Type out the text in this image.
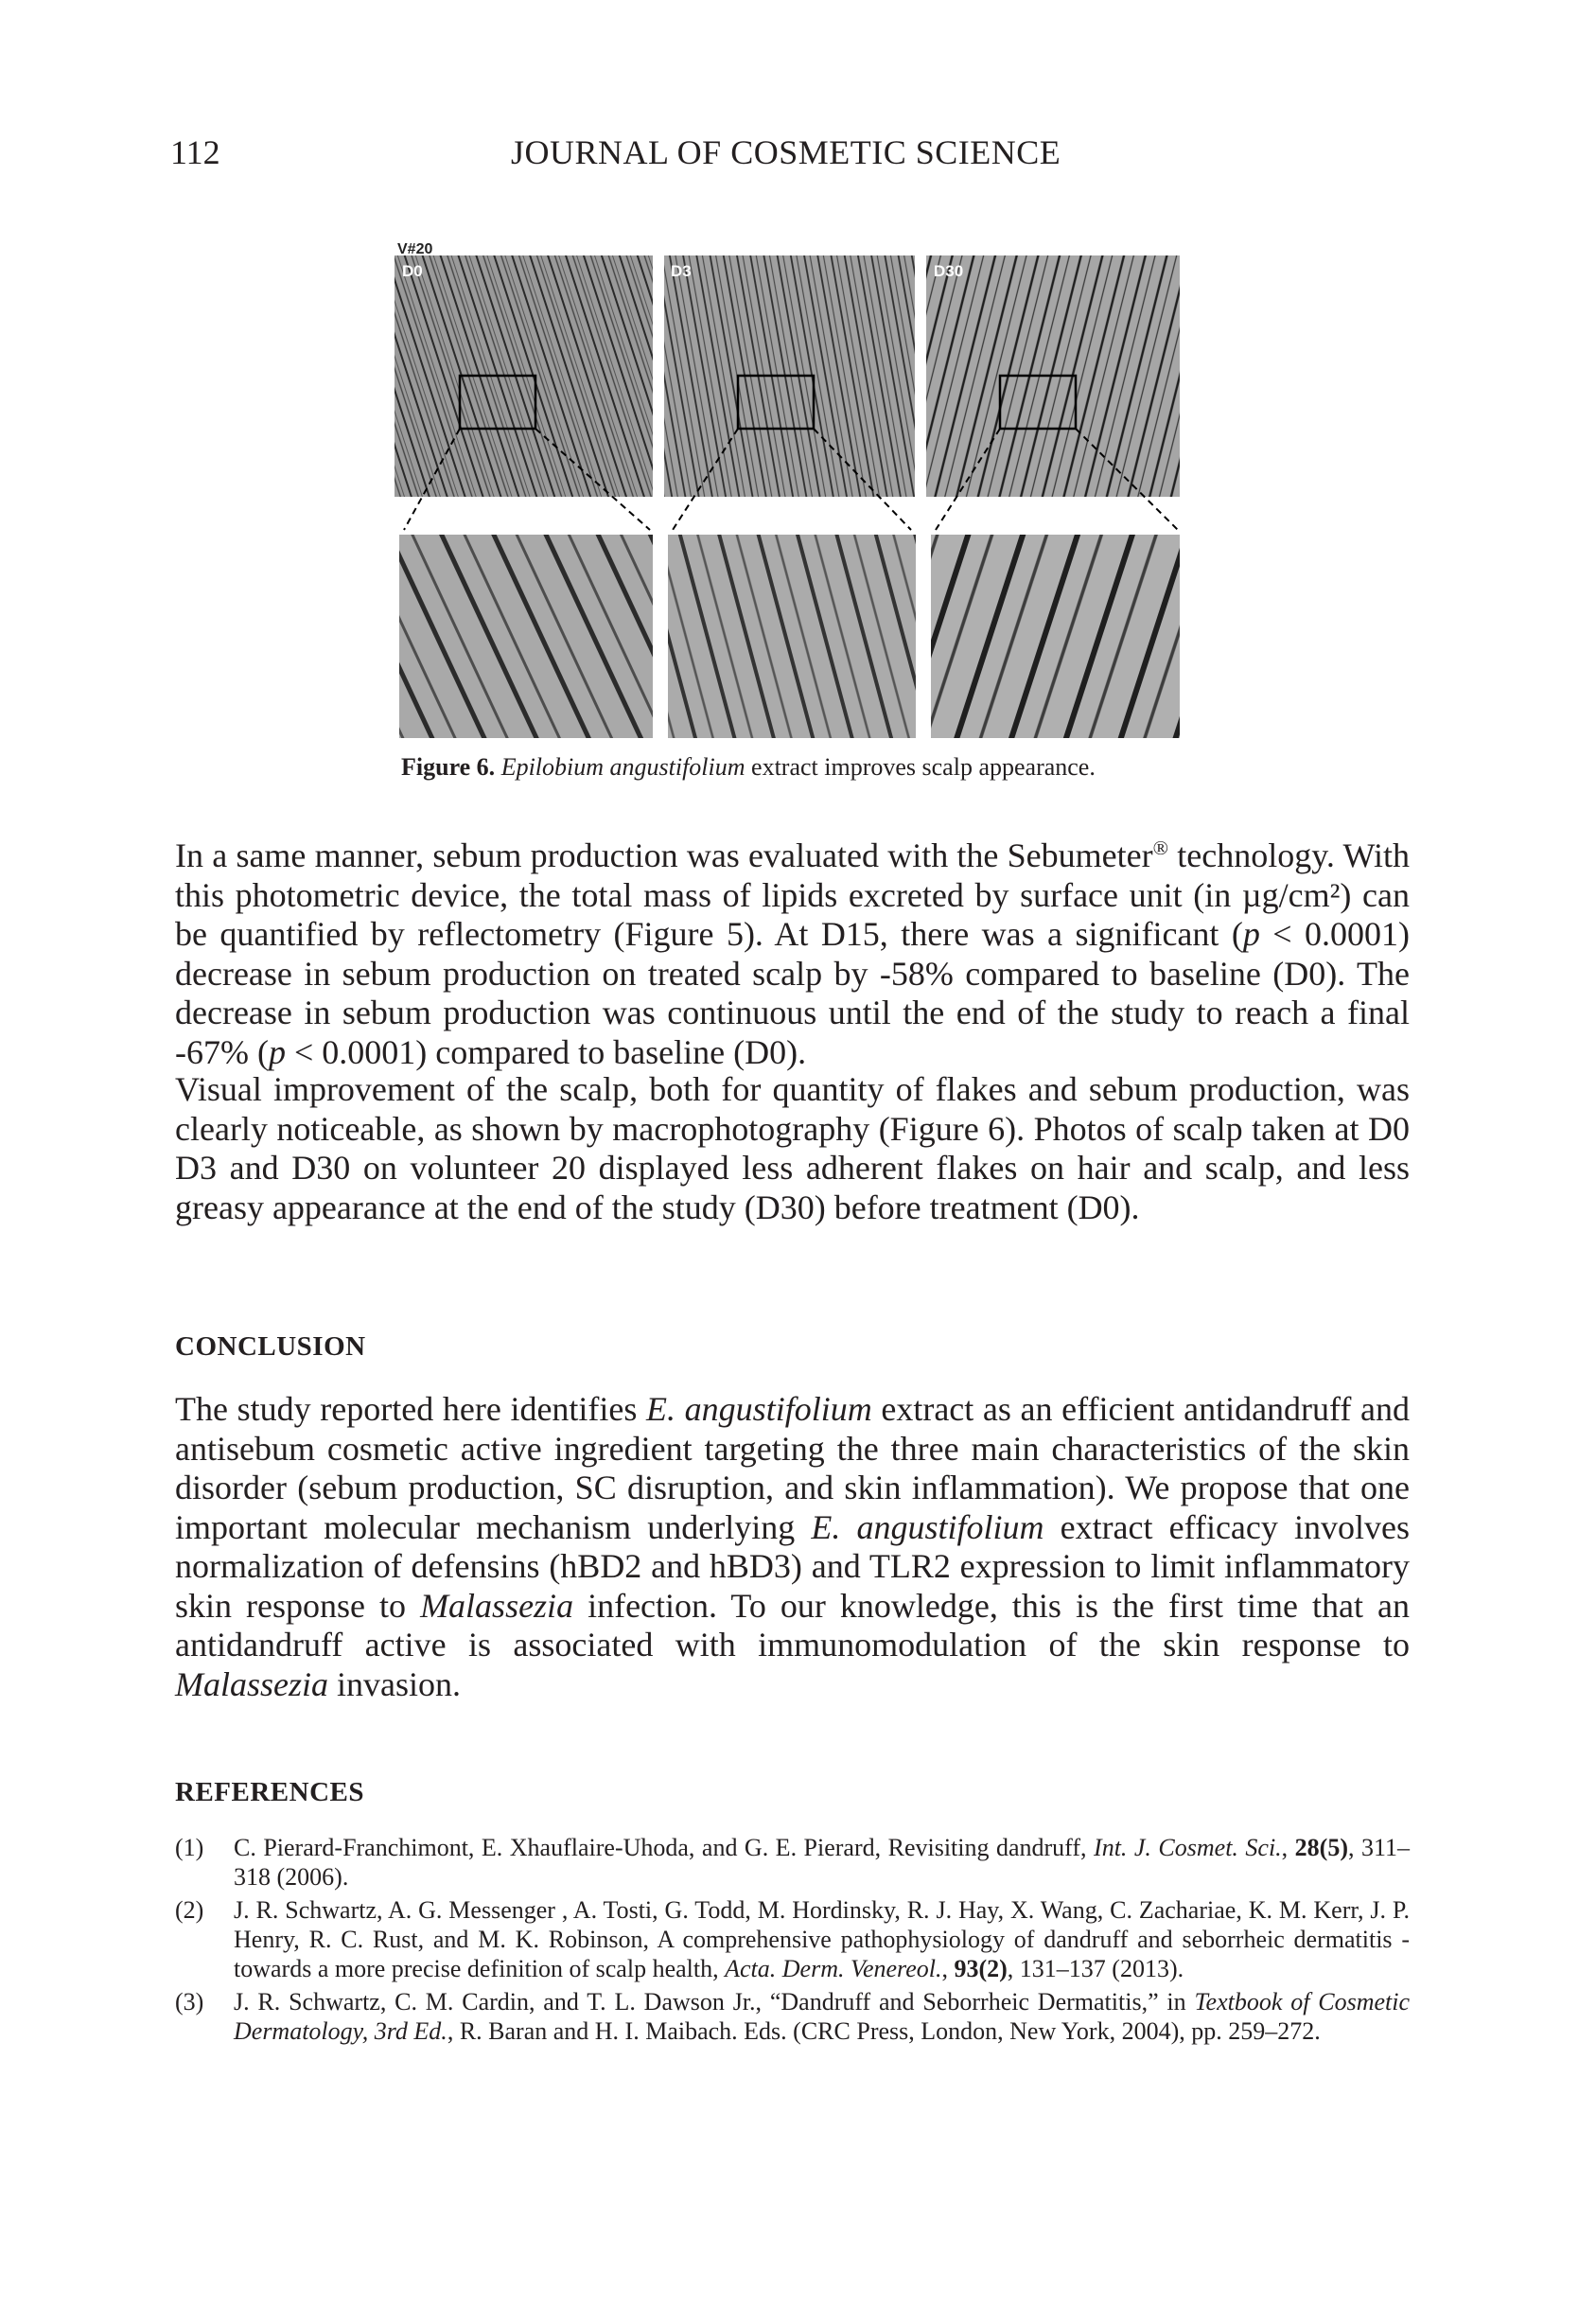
112	JOURNAL OF COSMETIC SCIENCE
V#20
D0	D3	D30
Figure 6. Epilobium angustifolium extract improves scalp appearance.

In a same manner, sebum production was evaluated with the Sebumeter® technology. With this photometric device, the total mass of lipids excreted by surface unit (in µg/cm²) can be quantified by reflectometry (Figure 5). At D15, there was a significant (p < 0.0001) decrease in sebum production on treated scalp by -58% compared to baseline (D0). The decrease in sebum production was continuous until the end of the study to reach a final -67% (p < 0.0001) compared to baseline (D0).

Visual improvement of the scalp, both for quantity of flakes and sebum production, was clearly noticeable, as shown by macrophotography (Figure 6). Photos of scalp taken at D0 D3 and D30 on volunteer 20 displayed less adherent flakes on hair and scalp, and less greasy appearance at the end of the study (D30) before treatment (D0).

CONCLUSION

The study reported here identifies E. angustifolium extract as an efficient antidandruff and antisebum cosmetic active ingredient targeting the three main characteristics of the skin disorder (sebum production, SC disruption, and skin inflammation). We propose that one important molecular mechanism underlying E. angustifolium extract efficacy involves normalization of defensins (hBD2 and hBD3) and TLR2 expression to limit inflammatory skin response to Malassezia infection. To our knowledge, this is the first time that an antidandruff active is associated with immunomodulation of the skin response to Malassezia invasion.

REFERENCES
(1)	C. Pierard-Franchimont, E. Xhauflaire-Uhoda, and G. E. Pierard, Revisiting dandruff, Int. J. Cosmet. Sci., 28(5), 311–318 (2006).
(2)	J. R. Schwartz, A. G. Messenger , A. Tosti, G. Todd, M. Hordinsky, R. J. Hay, X. Wang, C. Zachariae, K. M. Kerr, J. P. Henry, R. C. Rust, and M. K. Robinson, A comprehensive pathophysiology of dandruff and seborrheic dermatitis - towards a more precise definition of scalp health, Acta. Derm. Venereol., 93(2), 131–137 (2013).
(3)	J. R. Schwartz, C. M. Cardin, and T. L. Dawson Jr., “Dandruff and Seborrheic Dermatitis,” in Textbook of Cosmetic Dermatology, 3rd Ed., R. Baran and H. I. Maibach. Eds. (CRC Press, London, New York, 2004), pp. 259–272.
